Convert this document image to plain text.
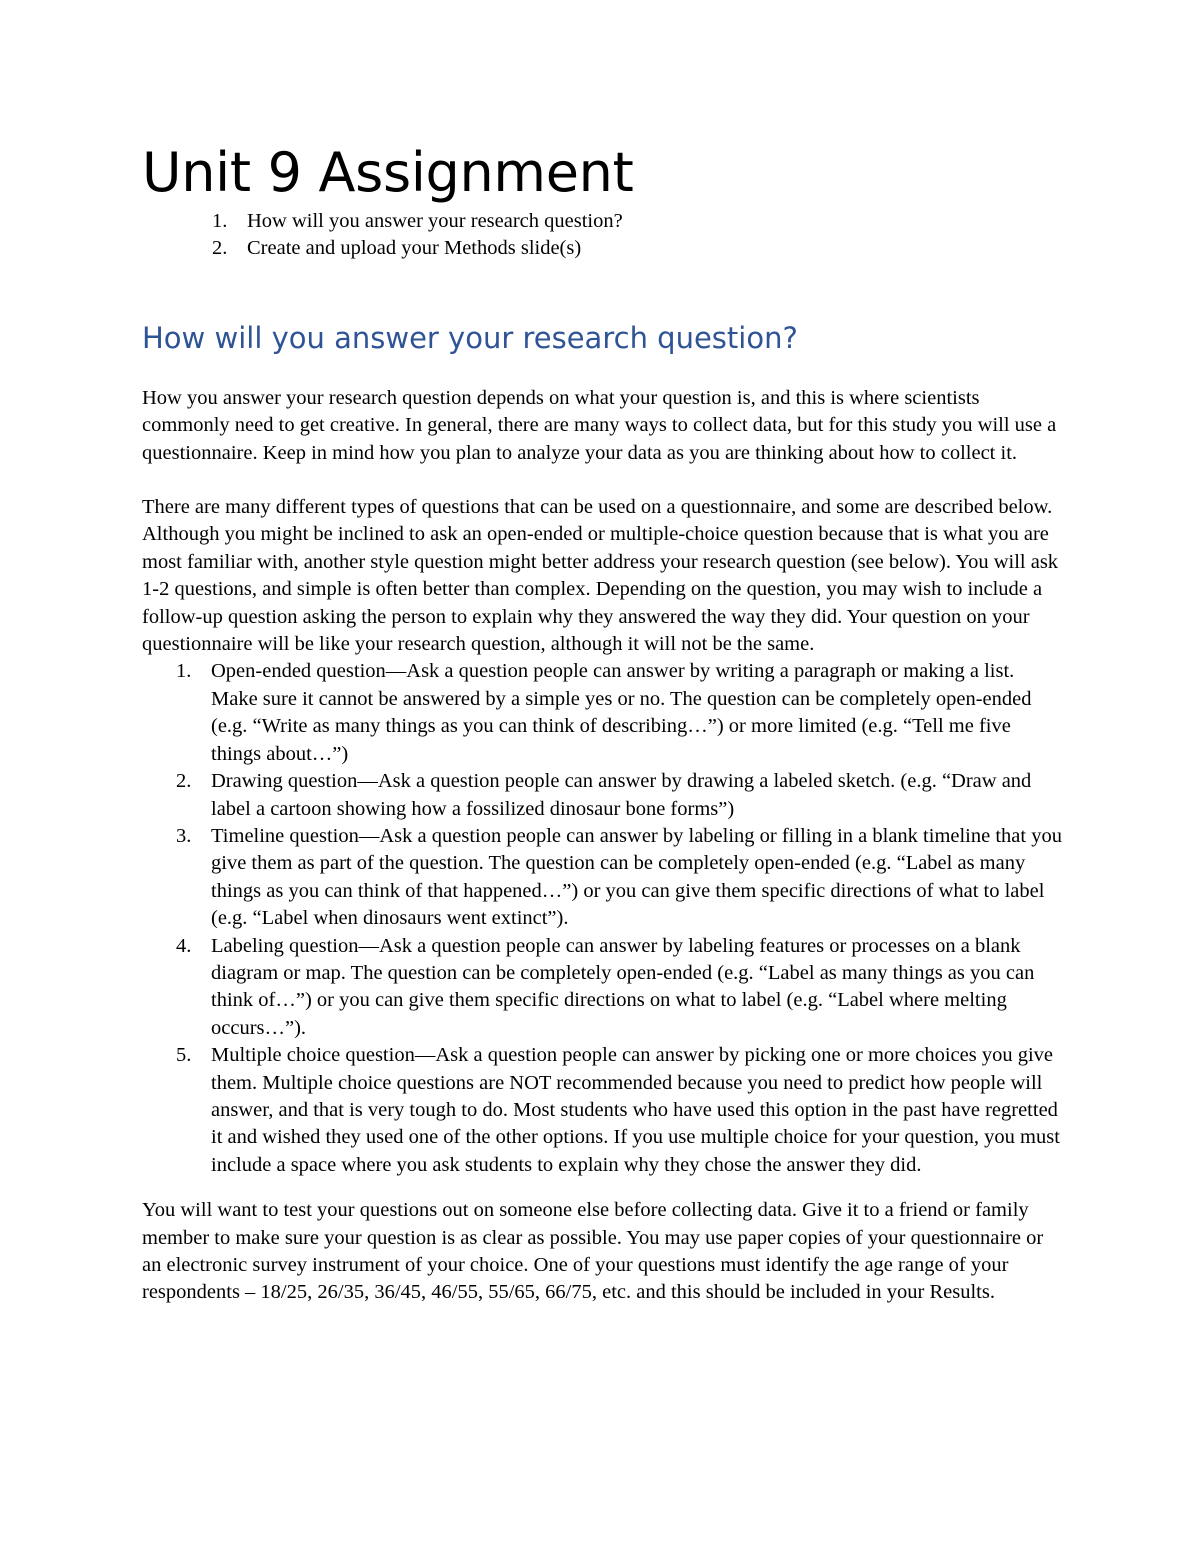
Unit 9 Assignment
1. How will you answer your research question?
2. Create and upload your Methods slide(s)
How will you answer your research question?

How you answer your research question depends on what your question is, and this is where scientists commonly need to get creative. In general, there are many ways to collect data, but for this study you will use a questionnaire. Keep in mind how you plan to analyze your data as you are thinking about how to collect it.

There are many different types of questions that can be used on a questionnaire, and some are described below. Although you might be inclined to ask an open-ended or multiple-choice question because that is what you are most familiar with, another style question might better address your research question (see below). You will ask 1-2 questions, and simple is often better than complex. Depending on the question, you may wish to include a follow-up question asking the person to explain why they answered the way they did. Your question on your questionnaire will be like your research question, although it will not be the same.

1. Open-ended question—Ask a question people can answer by writing a paragraph or making a list. Make sure it cannot be answered by a simple yes or no. The question can be completely open-ended (e.g. “Write as many things as you can think of describing…”) or more limited (e.g. “Tell me five things about…”)
2. Drawing question—Ask a question people can answer by drawing a labeled sketch. (e.g. “Draw and label a cartoon showing how a fossilized dinosaur bone forms”)
3. Timeline question—Ask a question people can answer by labeling or filling in a blank timeline that you give them as part of the question. The question can be completely open-ended (e.g. “Label as many things as you can think of that happened…”) or you can give them specific directions of what to label (e.g. “Label when dinosaurs went extinct”).
4. Labeling question—Ask a question people can answer by labeling features or processes on a blank diagram or map. The question can be completely open-ended (e.g. “Label as many things as you can think of…”) or you can give them specific directions on what to label (e.g. “Label where melting occurs…”).
5. Multiple choice question—Ask a question people can answer by picking one or more choices you give them. Multiple choice questions are NOT recommended because you need to predict how people will answer, and that is very tough to do. Most students who have used this option in the past have regretted it and wished they used one of the other options. If you use multiple choice for your question, you must include a space where you ask students to explain why they chose the answer they did.

You will want to test your questions out on someone else before collecting data. Give it to a friend or family member to make sure your question is as clear as possible. You may use paper copies of your questionnaire or an electronic survey instrument of your choice. One of your questions must identify the age range of your respondents – 18/25, 26/35, 36/45, 46/55, 55/65, 66/75, etc. and this should be included in your Results.
